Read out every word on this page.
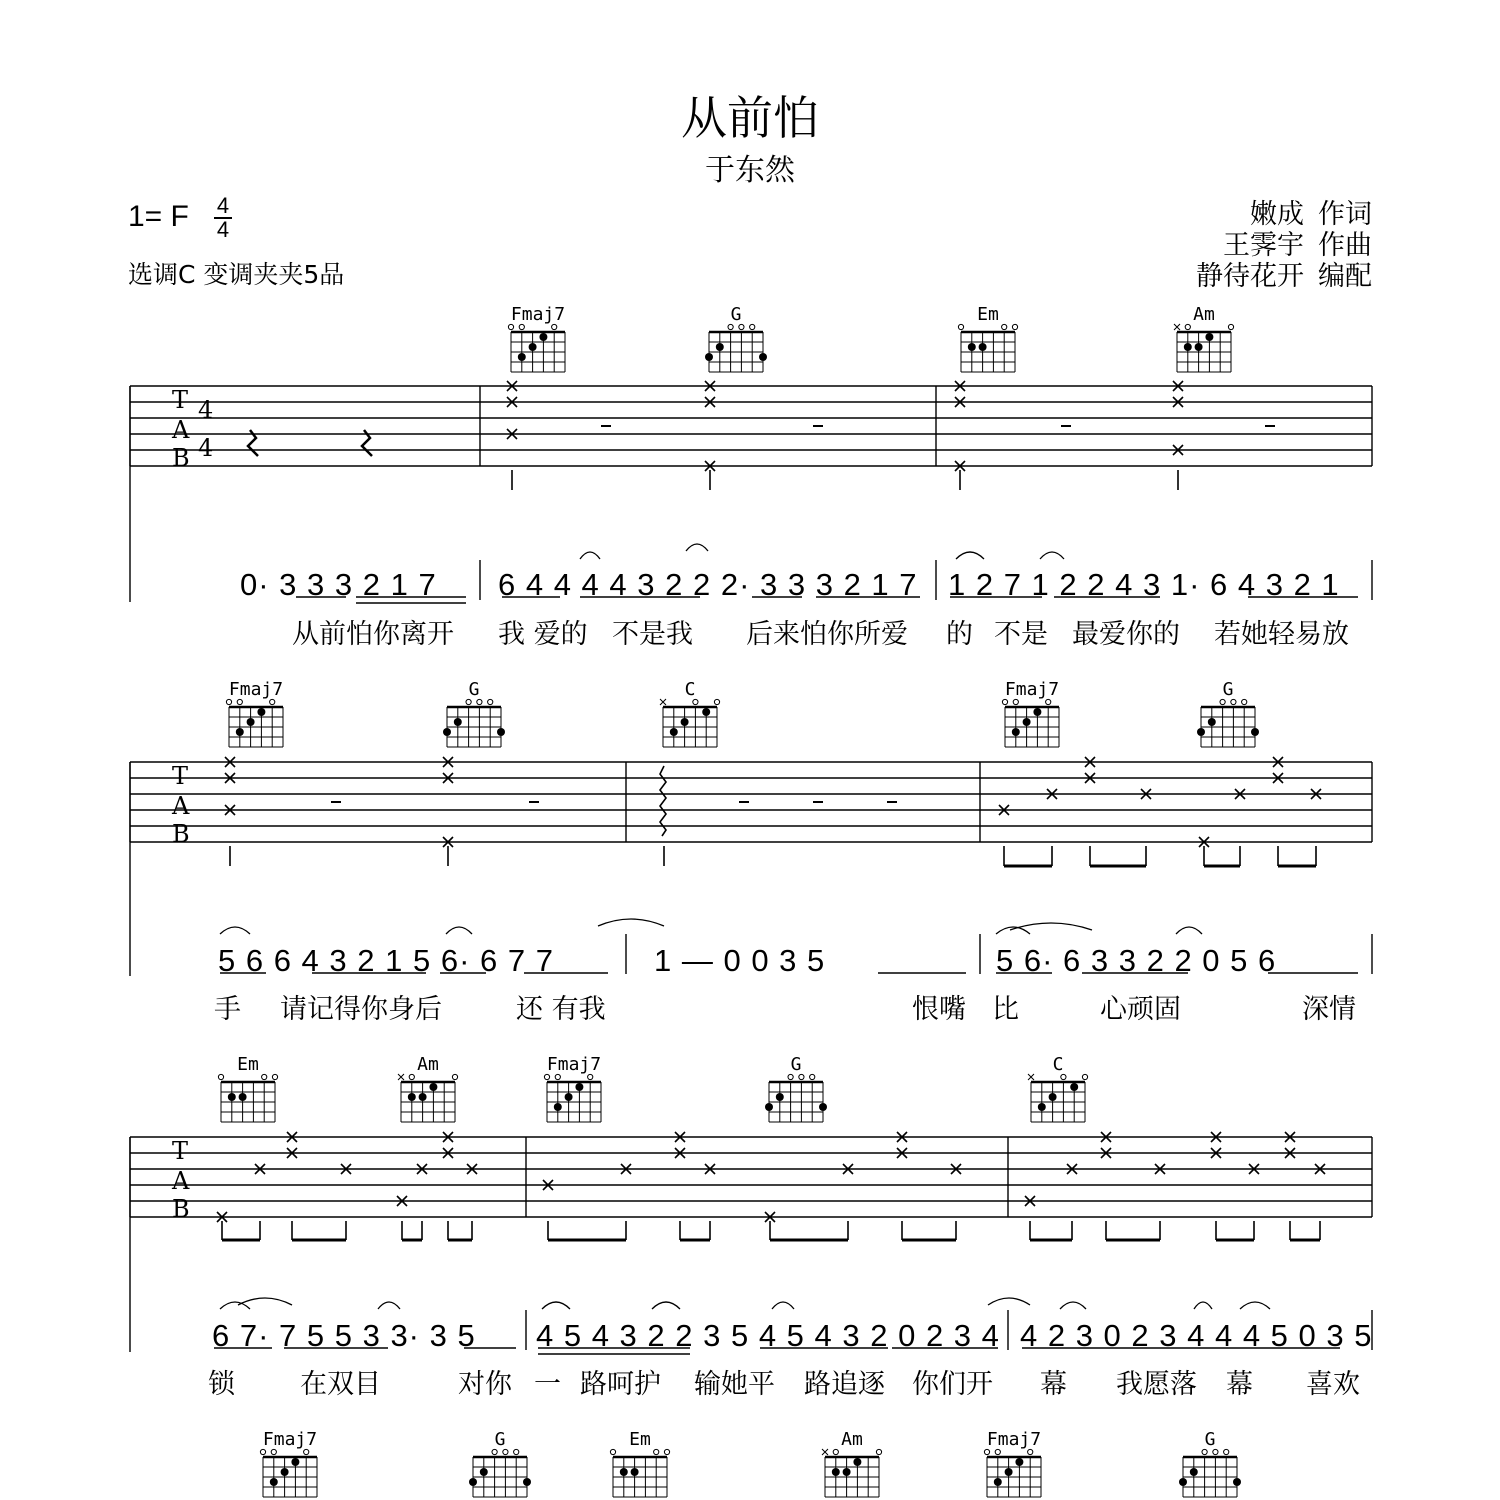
从前怕
于东然
1= F 4
4
选调C 变调夹夹5品
嫩成 作词
王霁宇 作曲
静待花开 编配
Fmaj7	G	Em	Am
Fmaj7	G	C	Fmaj7	G
Em	Am	Fmaj7	G	C
Fmaj7	G	Em	Am	Fmaj7	G
T
A
B
T
A
B
T
A
B
4
4
0· 3 3 3 2 1 7 6 4 4 4 4 3 2 2 2· 3 3 3 2 1 7 1 2 7 1 2 2 4 3 1· 6 4 3 2 1
5 6 6 4 3 2 1 5 6· 6 7 7	1 — 0 0 3 5	5 6· 6 3 3 2 2 0 5 6
6 7· 7 5 5 3 3· 3 5 4 5 4 3 2 2 3 5 4 5 4 3 2 0 2 3 4 4 2 3 0 2 3 4 4 4 5 0 3 5
从前怕你离开 我 爱的 不是我 后来怕你所爱 的 不是 最爱你的 若她轻易放
手 请记得你身后	还 有我	恨嘴 比	心顽固	深情
锁 在双目	对你 一 路呵护 输她平 路追逐 你们开 幕 我愿落 幕 喜欢
